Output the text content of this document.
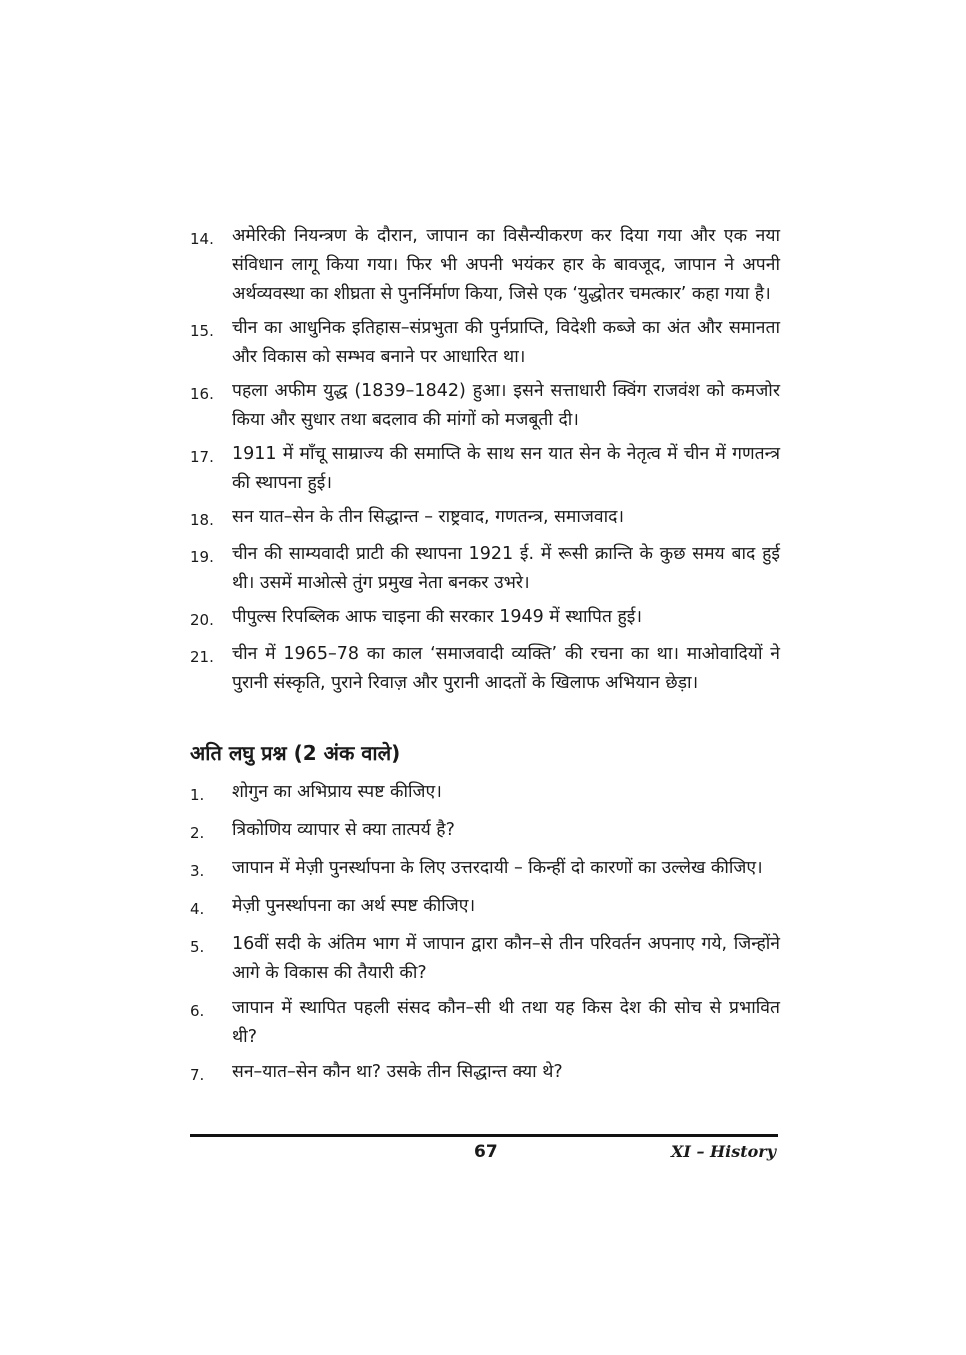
14.	अमेरिकी नियन्त्रण के दौरान, जापान का विसैन्यीकरण कर दिया गया और एक नया संविधान लागू किया गया। फिर भी अपनी भयंकर हार के बावजूद, जापान ने अपनी अर्थव्यवस्था का शीघ्रता से पुनर्निर्माण किया, जिसे एक ‘युद्धोतर चमत्कार’ कहा गया है।
15.	चीन का आधुनिक इतिहास–संप्रभुता की पुर्नप्राप्ति, विदेशी कब्जे का अंत और समानता और विकास को सम्भव बनाने पर आधारित था।
16.	पहला अफीम युद्ध (1839–1842) हुआ। इसने सत्ताधारी क्विंग राजवंश को कमजोर किया और सुधार तथा बदलाव की मांगों को मजबूती दी।
17.	1911 में माँचू साम्राज्य की समाप्ति के साथ सन यात सेन के नेतृत्व में चीन में गणतन्त्र की स्थापना हुई।
18.	सन यात–सेन के तीन सिद्धान्त – राष्ट्रवाद, गणतन्त्र, समाजवाद।
19.	चीन की साम्यवादी प्राटी की स्थापना 1921 ई. में रूसी क्रान्ति के कुछ समय बाद हुई थी। उसमें माओत्से तुंग प्रमुख नेता बनकर उभरे।
20.	पीपुल्स रिपब्लिक आफ चाइना की सरकार 1949 में स्थापित हुई।
21.	चीन में 1965–78 का काल ‘समाजवादी व्यक्ति’ की रचना का था। माओवादियों ने पुरानी संस्कृति, पुराने रिवाज़ और पुरानी आदतों के खिलाफ अभियान छेड़ा।
अति लघु प्रश्न (2 अंक वाले)
1.	शोगुन का अभिप्राय स्पष्ट कीजिए।
2.	त्रिकोणिय व्यापार से क्या तात्पर्य है?
3.	जापान में मेज़ी पुनर्स्थापना के लिए उत्तरदायी – किन्हीं दो कारणों का उल्लेख कीजिए।
4.	मेज़ी पुनर्स्थापना का अर्थ स्पष्ट कीजिए।
5.	16वीं सदी के अंतिम भाग में जापान द्वारा कौन–से तीन परिवर्तन अपनाए गये, जिन्होंने आगे के विकास की तैयारी की?
6.	जापान में स्थापित पहली संसद कौन–सी थी तथा यह किस देश की सोच से प्रभावित थी?
7.	सन–यात–सेन कौन था? उसके तीन सिद्धान्त क्या थे?
67	XI – History
